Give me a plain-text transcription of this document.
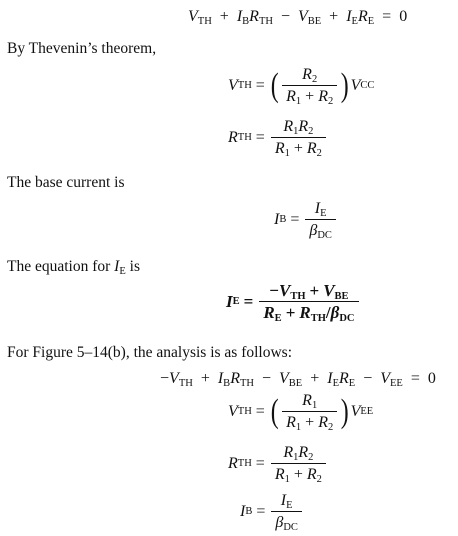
$V_{TH} + I_BR_{TH} - V_{BE} + I_ER_E = 0$
By Thevenin’s theorem,
V TH = ( $\frac{R_2}{R_1 + R_2}$ ) V CC
R TH = $\frac{R_1R_2}{R_1 + R_2}$
The base current is
I $B = \frac{I_E}{\beta_{DC}}$
The equation for $I_E$ is
I $E = \frac{-V_{TH} + V_{BE}}{R_E + R_{TH}/\beta_{DC}}$
For Figure 5–14(b), the analysis is as follows:
$-V_{TH} + I_BR_{TH} - V_{BE} + I_ER_E - V_{EE} = 0$
V TH = ( $\frac{R_1}{R_1 + R_2}$ ) V EE
R TH = $\frac{R_1R_2}{R_1 + R_2}$
I $B = \frac{I_E}{\beta_{DC}}$
